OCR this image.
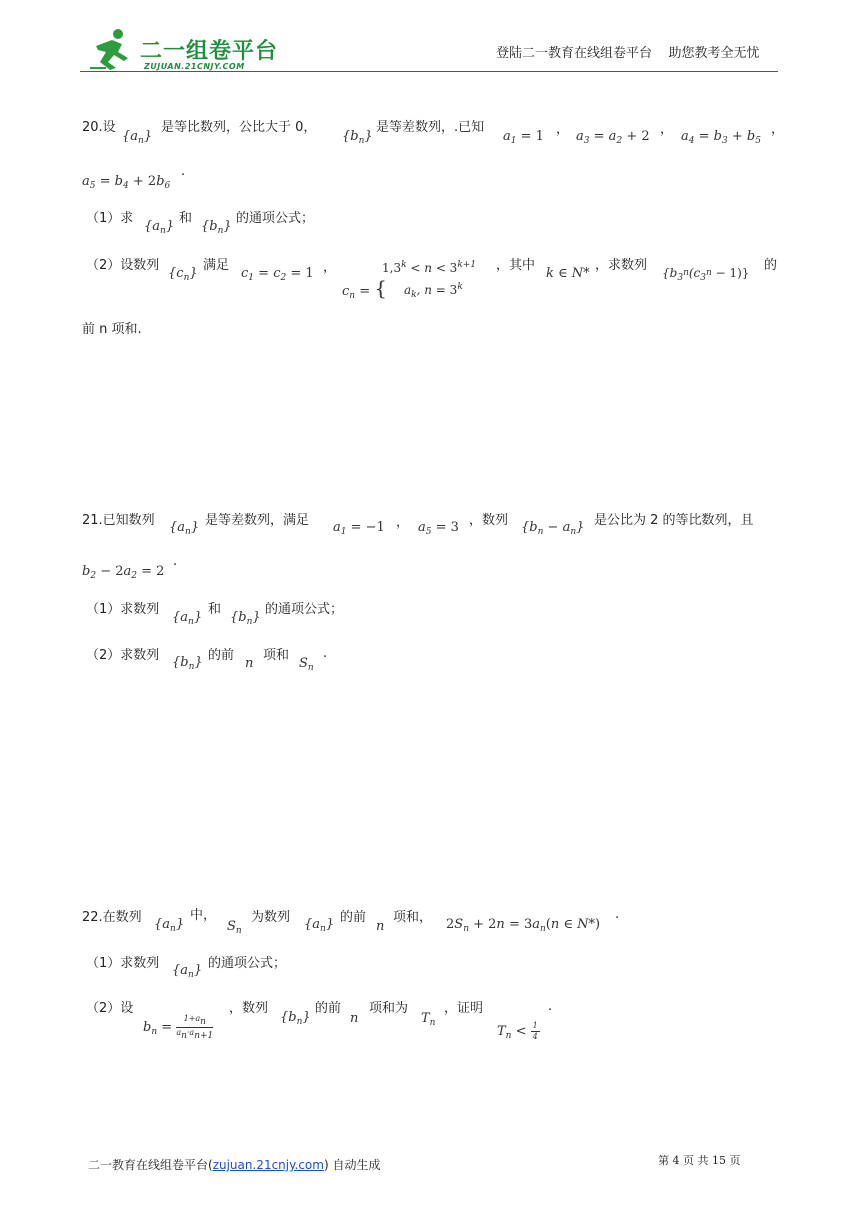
二一组卷平台
ZUJUAN.21CNJY.COM
登陆二一教育在线组卷平台    助您教考全无忧
20.设
$\{a_n\}$
是等比数列，公比大于 0，
$\{b_n\}$
是等差数列，.已知
$a_1 = 1$ ， $a_3 = a_2 + 2$ ， $a_4 = b_3 + b_5$
，
$a_5 = b_4 + 2b_6$
.
（1）求
$\{a_n\}$
和
$\{b_n\}$
的通项公式；
（2）设数列
$\{c_n\}$
满足
$c_1 = c_2 = 1$ ，
$c_n$ = {
$1,3^k < n < 3^{k+1}$
$a_k$, $n = 3^k$
，其中
k ∈ N*
，求数列 $\{b_{3^n}(c_{3^n} - 1)\}$ 的
前 n 项和.
21.已知数列 $\{a_n\}$ 是等差数列，满足 $a_1 = -1$ ， $a_5 = 3$ ，数列 $\{b_n - a_n\}$ 是公比为 2 的等比数列，且
$b_2 - 2a_2 = 2$
.
（1）求数列
$\{a_n\}$
和
$\{b_n\}$
的通项公式；
（2）求数列 $\{b_n\}$ 的前
n
项和
$S_n$
.
22.在数列 $\{a_n\}$
中，
$S_n$
为数列 $\{a_n\}$ 的前
n
项和， $2S_n + 2n = 3a_n(n$ ∈ N*)
.
（1）求数列 $\{a_n\}$ 的通项公式；
（2）设
$b_n = \frac{1+a_n}{a_n\cdot a_{n+1}}$
，数列
$\{b_n\}$
的前
n
项和为
$T_n$
，证明
$T_n < \frac{1}{4}$
.
二一教育在线组卷平台(zujuan.21cnjy.com) 自动生成	第 4 页 共 15 页
